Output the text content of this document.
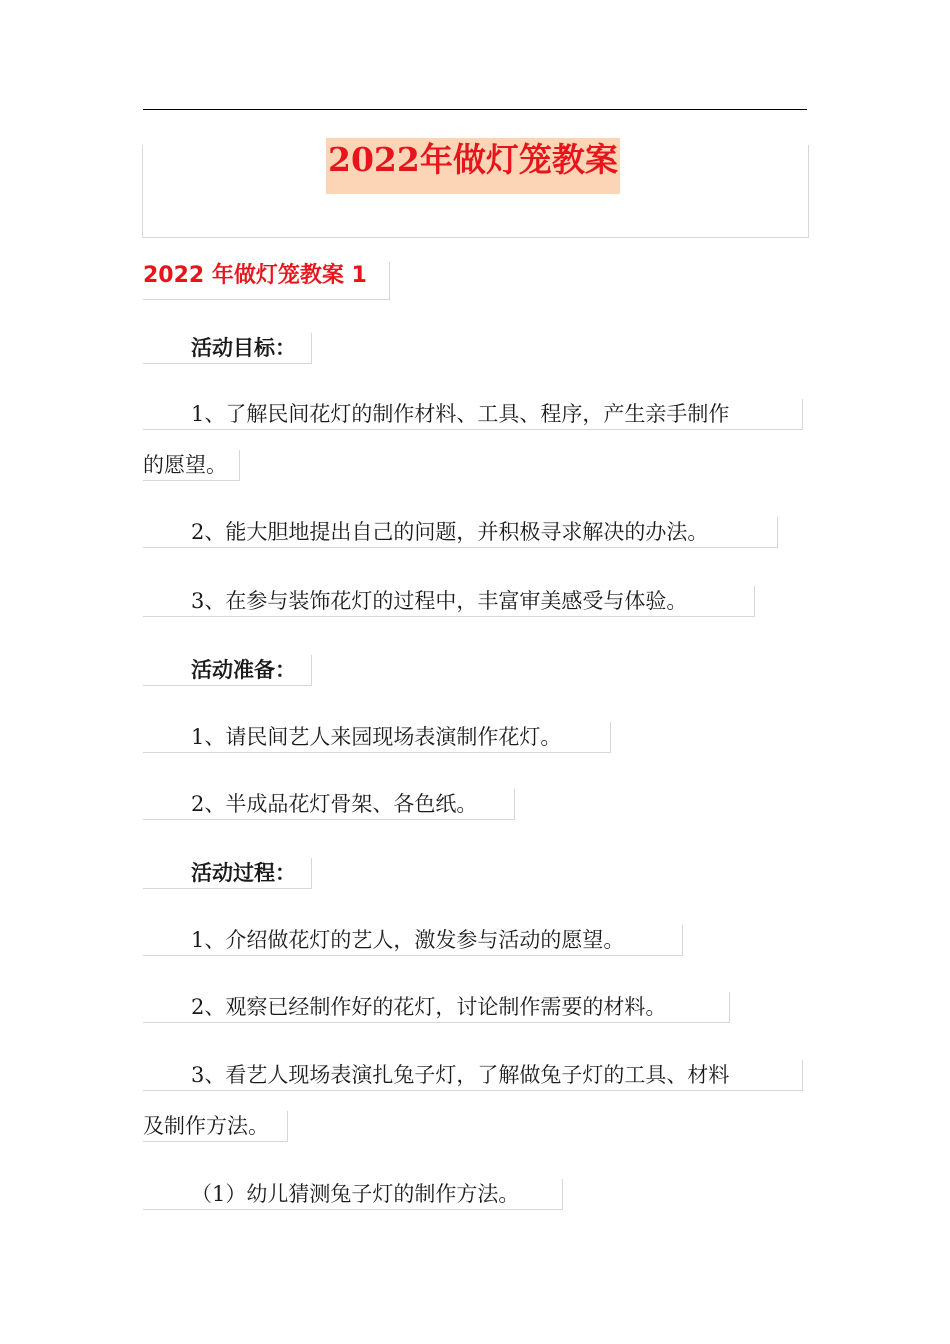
2022年做灯笼教案
2022 年做灯笼教案 1
活动目标：
1、了解民间花灯的制作材料、工具、程序，产生亲手制作
的愿望。
2、能大胆地提出自己的问题，并积极寻求解决的办法。
3、在参与装饰花灯的过程中，丰富审美感受与体验。
活动准备：
1、请民间艺人来园现场表演制作花灯。
2、半成品花灯骨架、各色纸。
活动过程：
1、介绍做花灯的艺人，激发参与活动的愿望。
2、观察已经制作好的花灯，讨论制作需要的材料。
3、看艺人现场表演扎兔子灯，了解做兔子灯的工具、材料
及制作方法。
（1）幼儿猜测兔子灯的制作方法。
